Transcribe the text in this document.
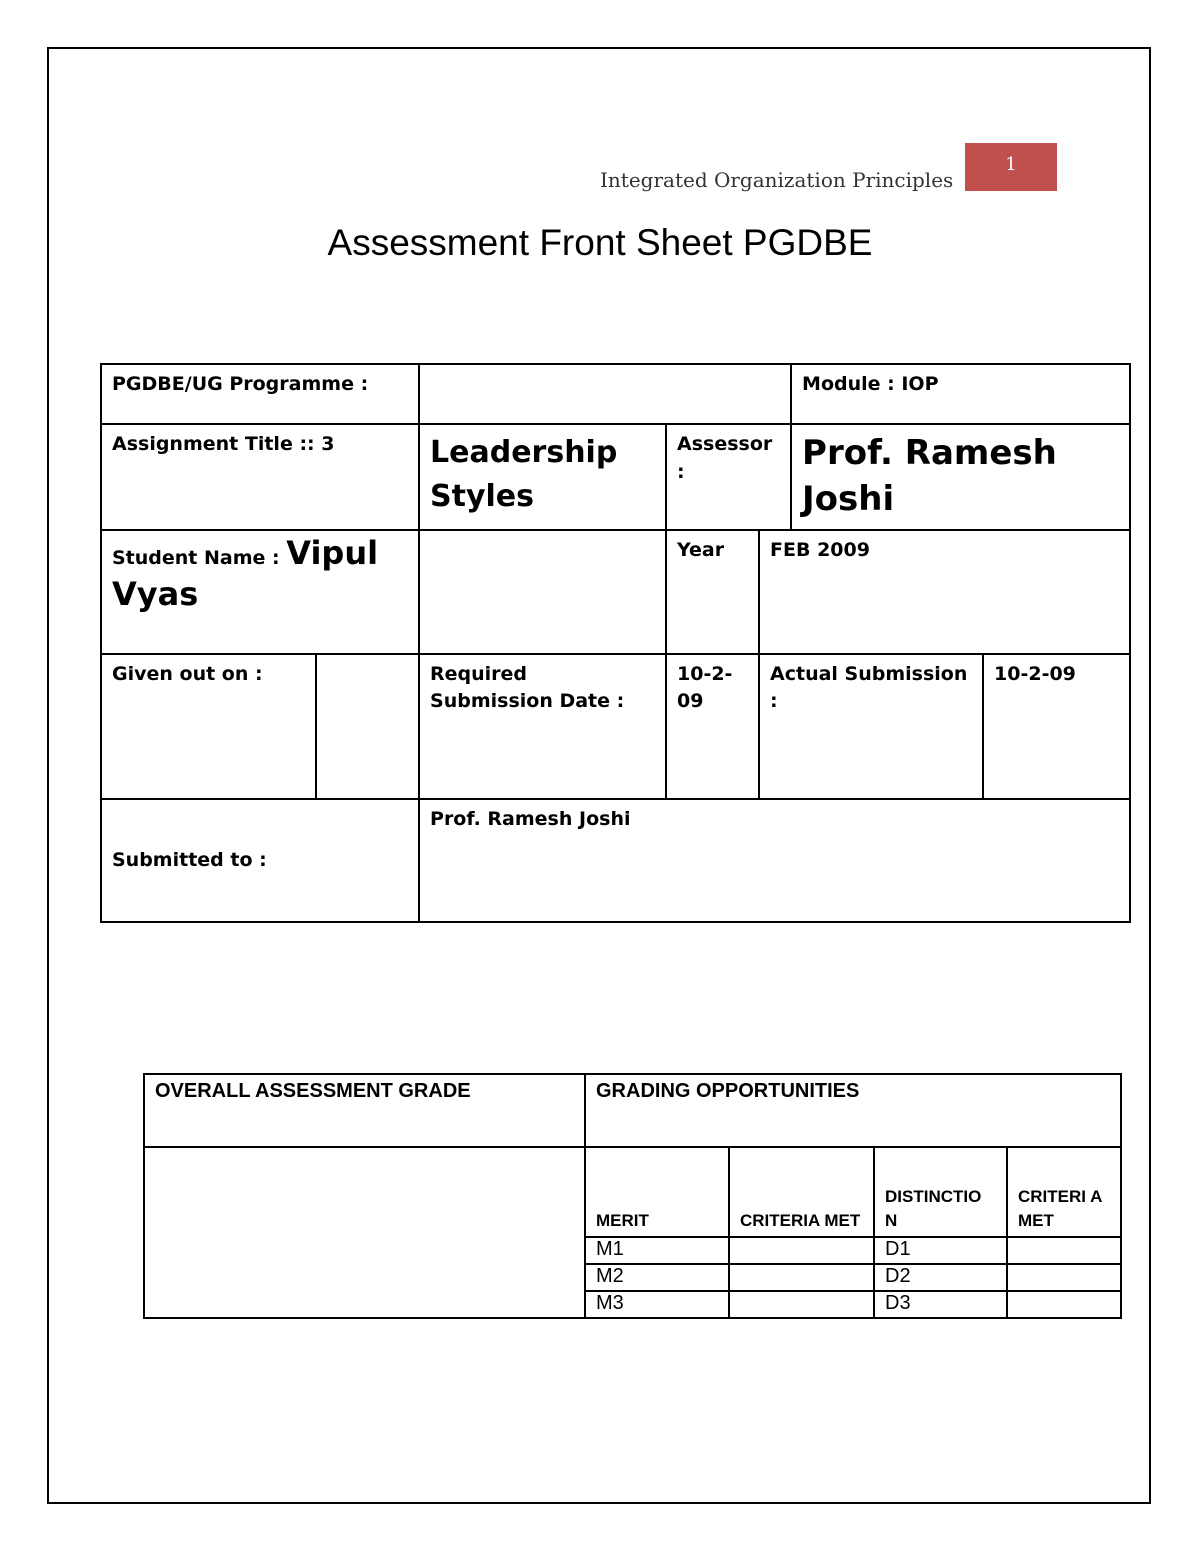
Integrated Organization Principles
1
Assessment Front Sheet PGDBE
PGDBE/UG Programme :					Module : IOP	
Assignment Title :: 3		Leadership Styles	Assessor :		Prof. Ramesh Joshi	
Student Name : Vipul Vyas			Year	FEB 2009		
Given out on :		Required Submission Date :	10-2-09	Actual Submission :		10-2-09
Submitted to :		Prof. Ramesh Joshi				
OVERALL ASSESSMENT GRADE	GRADING OPPORTUNITIES			
	MERIT	CRITERIA MET	DISTINCTIO N	CRITERI A MET
	M1		D1	
	M2		D2	
	M3		D3	
